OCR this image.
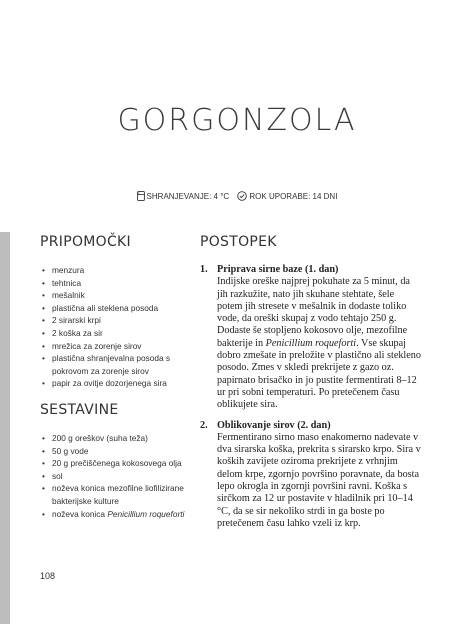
GORGONZOLA
SHRANJEVANJE: 4 °C
	ROK UPORABE: 14 DNI
PRIPOMOČKI
• menzura
• tehtnica
• mešalnik
• plastična ali steklena posoda
• 2 sirarski krpi
• 2 koška za sir
• mrežica za zorenje sirov
• plastična shranjevalna posoda s pokrovom za zorenje sirov
• papir za ovitje dozorjenega sira
SESTAVINE
• 200 g oreškov (suha teža)
• 50 g vode
• 20 g prečiščenega kokosovega olja
• sol
• noževa konica mezofilne liofilizirane bakterijske kulture
• noževa konica Penicillium roqueforti
POSTOPEK
1. Priprava sirne baze (1. dan)
Indijske oreške najprej pokuhate za 5 minut, da jih razkužite, nato jih skuhane stehtate, šele potem jih stresete v mešalnik in dodaste toliko vode, da oreški skupaj z vodo tehtajo 250 g. Dodaste še stopljeno kokosovo olje, mezofilne bakterije in Penicillium roqueforti. Vse skupaj dobro zmešate in preložite v plastično ali stekleno posodo. Zmes v skledi prekrijete z gazo oz. papirnato brisačko in jo pustite fermentirati 8–12 ur pri sobni temperaturi. Po pretečenem času oblikujete sira.
2. Oblikovanje sirov (2. dan)
Fermentirano sirno maso enakomerno nadevate v dva sirarska koška, prekrita s sirarsko krpo. Sira v koških zavijete oziroma prekrijete z vrhnjim delom krpe, zgornjo površino poravnate, da bosta lepo okrogla in zgornji površini ravni. Koška s sirčkom za 12 ur postavite v hladilnik pri 10–14 °C, da se sir nekoliko strdi in ga boste po pretečenem času lahko vzeli iz krp.
108
